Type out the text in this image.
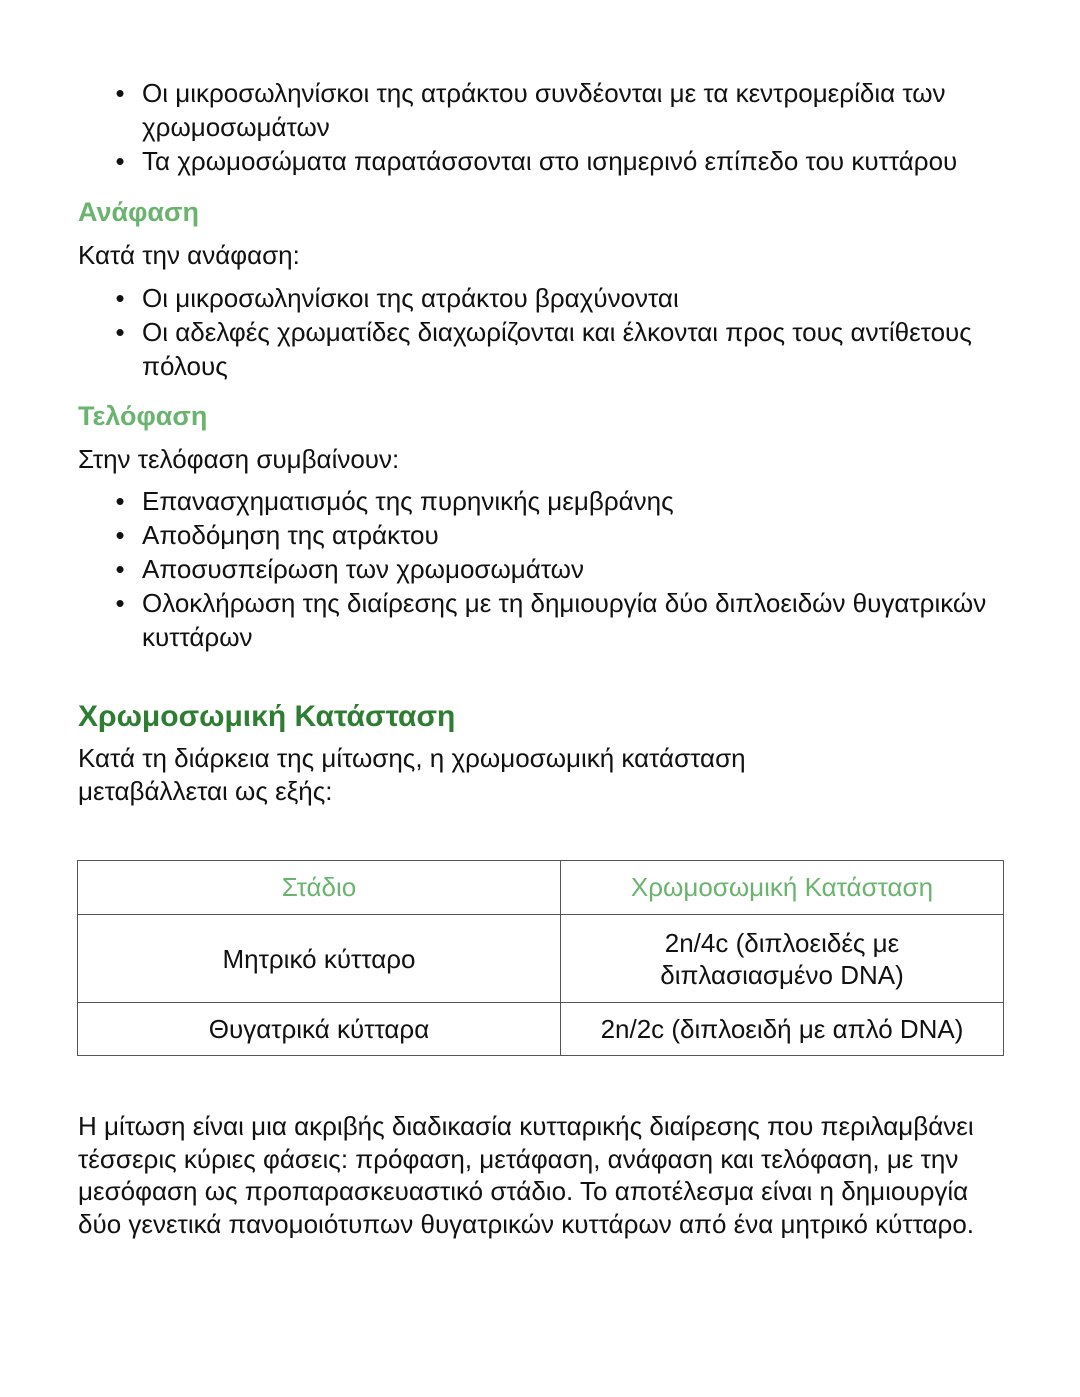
• Οι μικροσωληνίσκοι της ατράκτου συνδέονται με τα κεντρομερίδια των χρωμοσωμάτων
• Τα χρωμοσώματα παρατάσσονται στο ισημερινό επίπεδο του κυττάρου
Ανάφαση

Κατά την ανάφαση:

• Οι μικροσωληνίσκοι της ατράκτου βραχύνονται
• Οι αδελφές χρωματίδες διαχωρίζονται και έλκονται προς τους αντίθετους πόλους
Τελόφαση

Στην τελόφαση συμβαίνουν:

• Επανασχηματισμός της πυρηνικής μεμβράνης
• Αποδόμηση της ατράκτου
• Αποσυσπείρωση των χρωμοσωμάτων
• Ολοκλήρωση της διαίρεσης με τη δημιουργία δύο διπλοειδών θυγατρικών κυττάρων
Χρωμοσωμική Κατάσταση

Κατά τη διάρκεια της μίτωσης, η χρωμοσωμική κατάσταση μεταβάλλεται ως εξής:

Στάδιο	Χρωμοσωμική Κατάσταση
Μητρικό κύτταρο	2n/4c (διπλοειδές με διπλασιασμένο DNA)
Θυγατρικά κύτταρα	2n/2c (διπλοειδή με απλό DNA)

Η μίτωση είναι μια ακριβής διαδικασία κυτταρικής διαίρεσης που περιλαμβάνει τέσσερις κύριες φάσεις: πρόφαση, μετάφαση, ανάφαση και τελόφαση, με την μεσόφαση ως προπαρασκευαστικό στάδιο. Το αποτέλεσμα είναι η δημιουργία δύο γενετικά πανομοιότυπων θυγατρικών κυττάρων από ένα μητρικό κύτταρο.
